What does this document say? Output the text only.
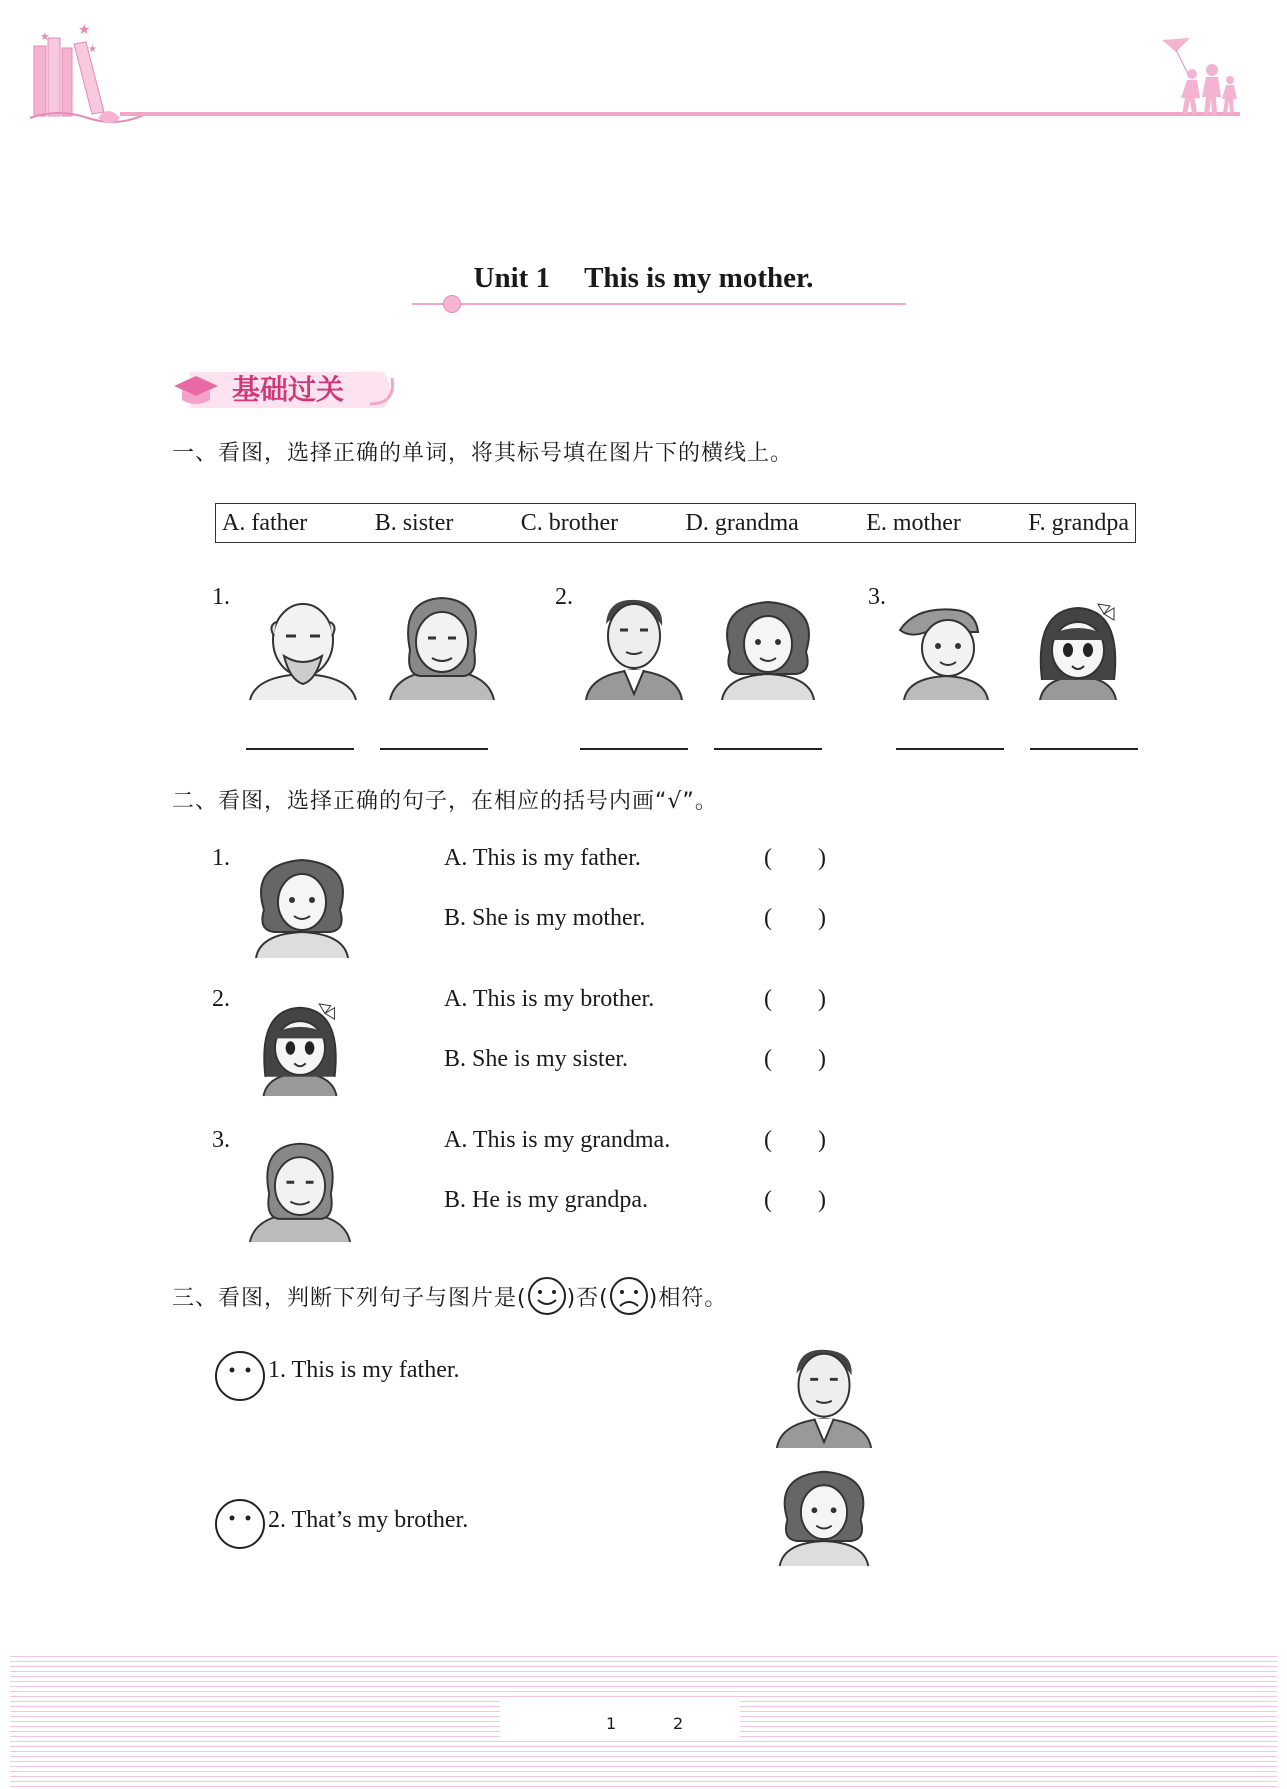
★
★
★
Unit 1 This is my mother.
基础过关
一、看图，选择正确的单词，将其标号填在图片下的横线上。
A. father	B. sister	C. brother	D. grandma	E. mother	F. grandpa
1.	2.	3.
二、看图，选择正确的句子，在相应的括号内画“√”。
1.	A. This is my father.	( )
B. She is my mother.	( )
2.	A. This is my brother.	( )
B. She is my sister.	( )
3.	A. This is my grandma.	( )
B. He is my grandpa.	( )
三、看图，判断下列句子与图片是( )否( )相符。
1. This is my father.
2. That’s my brother.
1	2
